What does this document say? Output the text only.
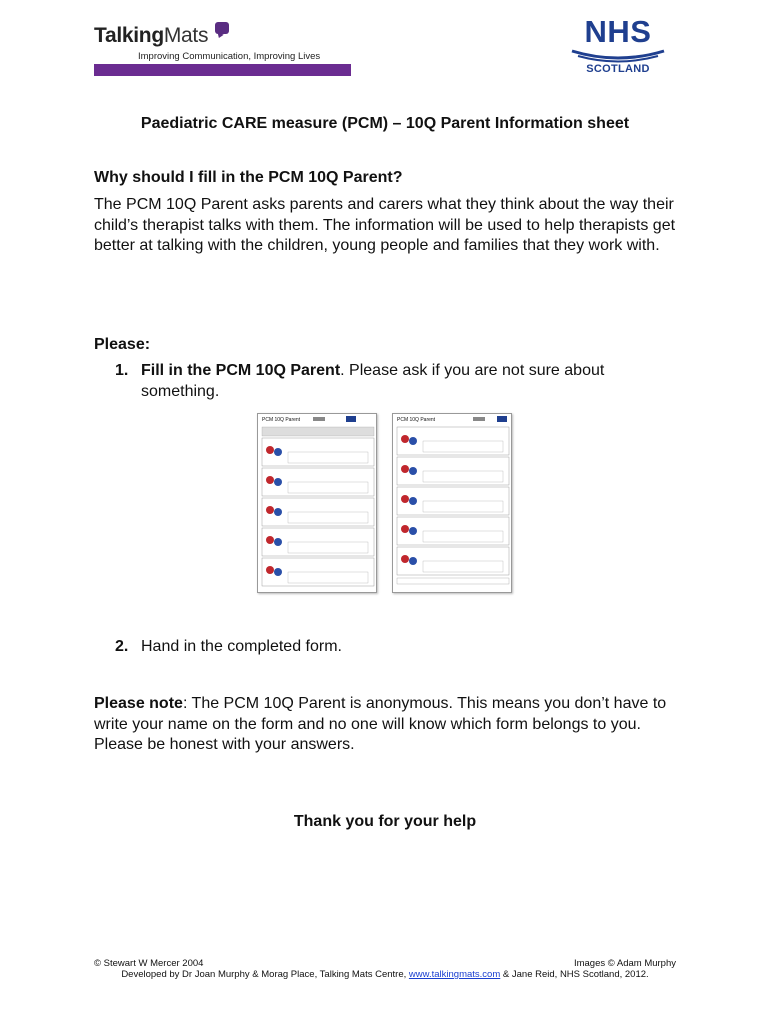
TalkingMats
Improving Communication, Improving Lives
NHS
SCOTLAND
Paediatric CARE measure (PCM) – 10Q Parent Information sheet
Why should I fill in the PCM 10Q Parent?
The PCM 10Q Parent asks parents and carers what they think about the way their child’s therapist talks with them. The information will be used to help therapists get better at talking with the children, young people and families that they work with.
Please:
1. Fill in the PCM 10Q Parent. Please ask if you are not sure about
something.
PCM 10Q Parent	PCM 10Q Parent
2. Hand in the completed form.
Please note: The PCM 10Q Parent is anonymous. This means you don’t have to write your name on the form and no one will know which form belongs to you. Please be honest with your answers.
Thank you for your help
© Stewart W Mercer 2004	Images © Adam Murphy
Developed by Dr Joan Murphy & Morag Place, Talking Mats Centre, www.talkingmats.com & Jane Reid, NHS Scotland, 2012.
